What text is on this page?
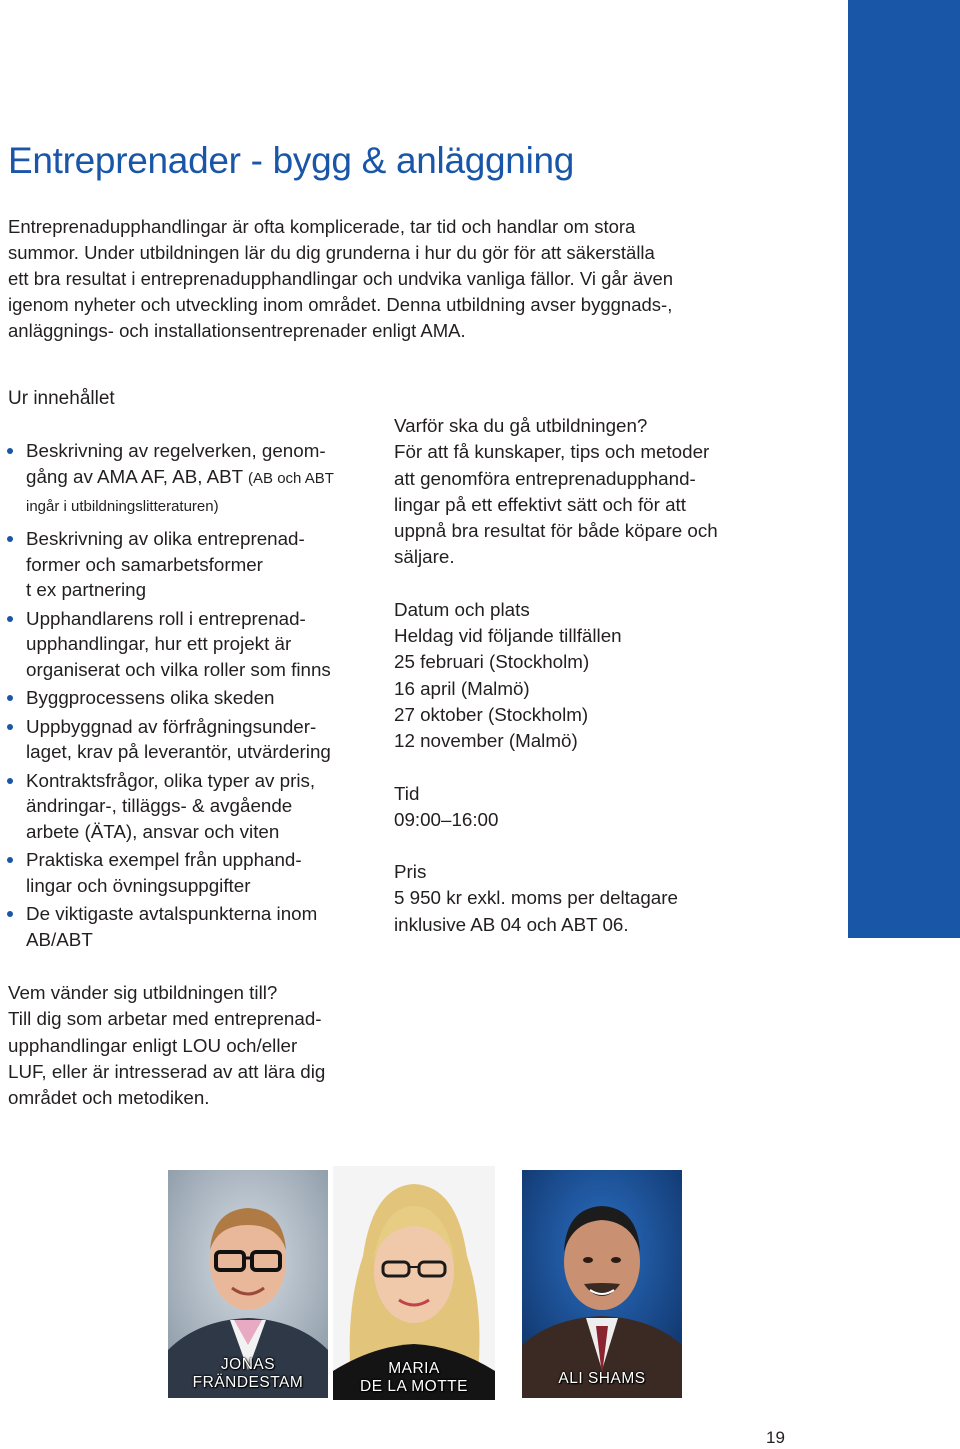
Entreprenader - bygg & anläggning
Entreprenadupphandlingar är ofta komplicerade, tar tid och handlar om stora
summor. Under utbildningen lär du dig grunderna i hur du gör för att säkerställa
ett bra resultat i entreprenadupphandlingar och undvika vanliga fällor. Vi går även
igenom nyheter och utveckling inom området. Denna utbildning avser byggnads-,
anläggnings- och installationsentreprenader enligt AMA.
Ur innehållet
Beskrivning av regelverken, genom-
gång av AMA AF, AB, ABT (AB och ABT
ingår i utbildningslitteraturen)
Beskrivning av olika entreprenad-
former och samarbetsformer
t ex partnering
Upphandlarens roll i entreprenad-
upphandlingar, hur ett projekt är
organiserat och vilka roller som finns
Byggprocessens olika skeden
Uppbyggnad av förfrågningsunder-
laget, krav på leverantör, utvärdering
Kontraktsfrågor, olika typer av pris,
ändringar-, tilläggs- & avgående
arbete (ÄTA), ansvar och viten
Praktiska exempel från upphand-
lingar och övningsuppgifter
De viktigaste avtalspunkterna inom
AB/ABT
Varför ska du gå utbildningen?
För att få kunskaper, tips och metoder
att genomföra entreprenadupphand-
lingar på ett effektivt sätt och för att
uppnå bra resultat för både köpare och
säljare.
Datum och plats
Heldag vid följande tillfällen
25 februari (Stockholm)
16 april (Malmö)
27 oktober (Stockholm)
12 november (Malmö)
Tid
09:00–16:00
Pris
5 950 kr exkl. moms per deltagare
inklusive AB 04 och ABT 06.
Vem vänder sig utbildningen till?
Till dig som arbetar med entreprenad-
upphandlingar enligt LOU och/eller
LUF, eller är intresserad av att lära dig
området och metodiken.
JONAS
FRÄNDESTAM
MARIA
DE LA MOTTE	ALI SHAMS
19
